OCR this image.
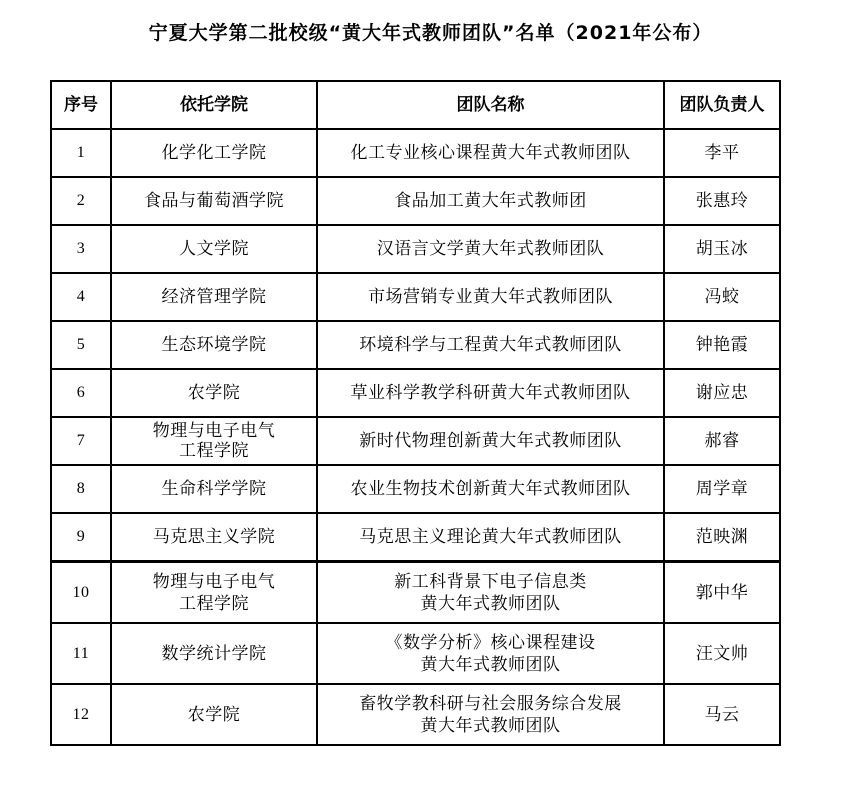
宁夏大学第二批校级“黄大年式教师团队”名单（2021年公布）
序号	依托学院	团队名称	团队负责人
1	化学化工学院	化工专业核心课程黄大年式教师团队	李平
2	食品与葡萄酒学院	食品加工黄大年式教师团	张惠玲
3	人文学院	汉语言文学黄大年式教师团队	胡玉冰
4	经济管理学院	市场营销专业黄大年式教师团队	冯蛟
5	生态环境学院	环境科学与工程黄大年式教师团队	钟艳霞
6	农学院	草业科学教学科研黄大年式教师团队	谢应忠
7	物理与电子电气
工程学院	新时代物理创新黄大年式教师团队	郝睿
8	生命科学学院	农业生物技术创新黄大年式教师团队	周学章
9	马克思主义学院	马克思主义理论黄大年式教师团队	范映渊
10	物理与电子电气
工程学院	新工科背景下电子信息类
黄大年式教师团队	郭中华
11	数学统计学院	《数学分析》核心课程建设
黄大年式教师团队	汪文帅
12	农学院	畜牧学教科研与社会服务综合发展
黄大年式教师团队	马云
